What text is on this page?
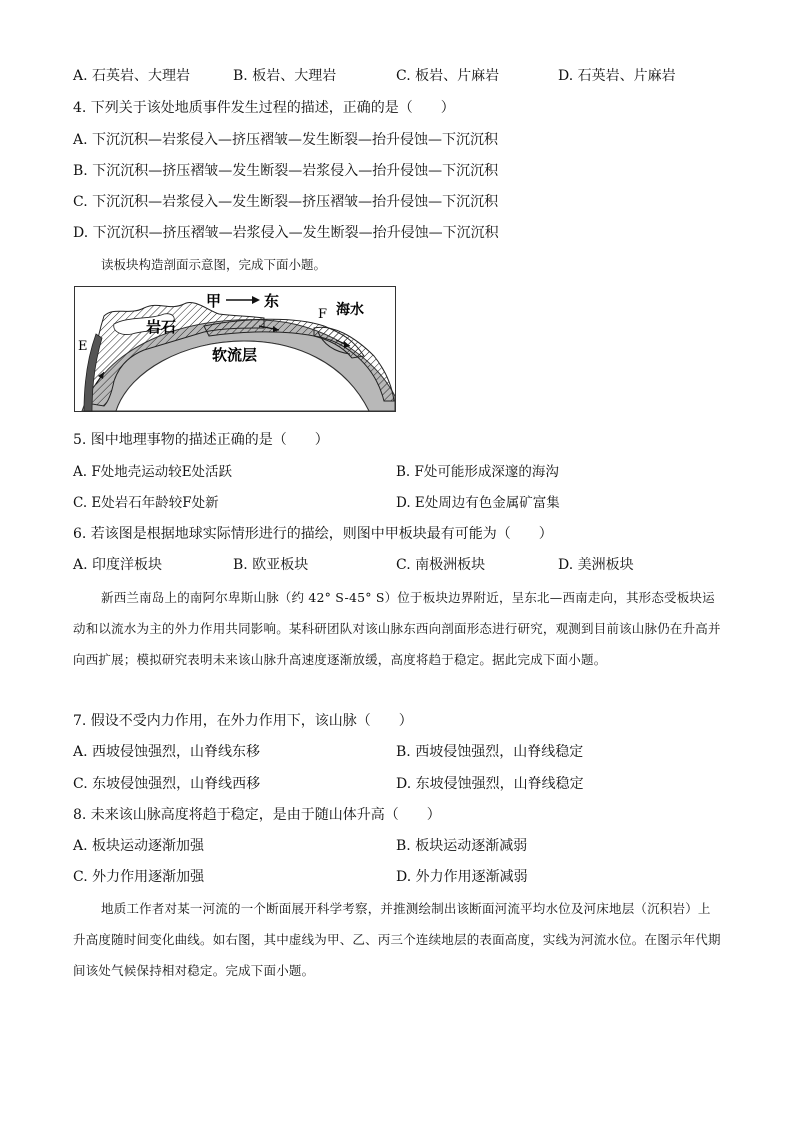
A. 石英岩、大理岩	B. 板岩、大理岩	C. 板岩、片麻岩	D. 石英岩、片麻岩
4. 下列关于该处地质事件发生过程的描述，正确的是（　　）
A. 下沉沉积—岩浆侵入—挤压褶皱—发生断裂—抬升侵蚀—下沉沉积
B. 下沉沉积—挤压褶皱—发生断裂—岩浆侵入—抬升侵蚀—下沉沉积
C. 下沉沉积—岩浆侵入—发生断裂—挤压褶皱—抬升侵蚀—下沉沉积
D. 下沉沉积—挤压褶皱—岩浆侵入—发生断裂—抬升侵蚀—下沉沉积
读板块构造剖面示意图，完成下面小题。
甲	东
F 海水
岩石
E	软流层
5. 图中地理事物的描述正确的是（　　）
A. F处地壳运动较E处活跃	B. F处可能形成深邃的海沟
C. E处岩石年龄较F处新	D. E处周边有色金属矿富集
6. 若该图是根据地球实际情形进行的描绘，则图中甲板块最有可能为（　　）
A. 印度洋板块	B. 欧亚板块	C. 南极洲板块	D. 美洲板块
新西兰南岛上的南阿尔卑斯山脉（约 42° S-45° S）位于板块边界附近，呈东北—西南走向，其形态受板块运动和以流水为主的外力作用共同影响。某科研团队对该山脉东西向剖面形态进行研究，观测到目前该山脉仍在升高并向西扩展；模拟研究表明未来该山脉升高速度逐渐放缓，高度将趋于稳定。据此完成下面小题。
7. 假设不受内力作用，在外力作用下，该山脉（　　）
A. 西坡侵蚀强烈，山脊线东移	B. 西坡侵蚀强烈，山脊线稳定
C. 东坡侵蚀强烈，山脊线西移	D. 东坡侵蚀强烈，山脊线稳定
8. 未来该山脉高度将趋于稳定，是由于随山体升高（　　）
A. 板块运动逐渐加强	B. 板块运动逐渐减弱
C. 外力作用逐渐加强	D. 外力作用逐渐减弱
地质工作者对某一河流的一个断面展开科学考察，并推测绘制出该断面河流平均水位及河床地层（沉积岩）上升高度随时间变化曲线。如右图，其中虚线为甲、乙、丙三个连续地层的表面高度，实线为河流水位。在图示年代期间该处气候保持相对稳定。完成下面小题。
